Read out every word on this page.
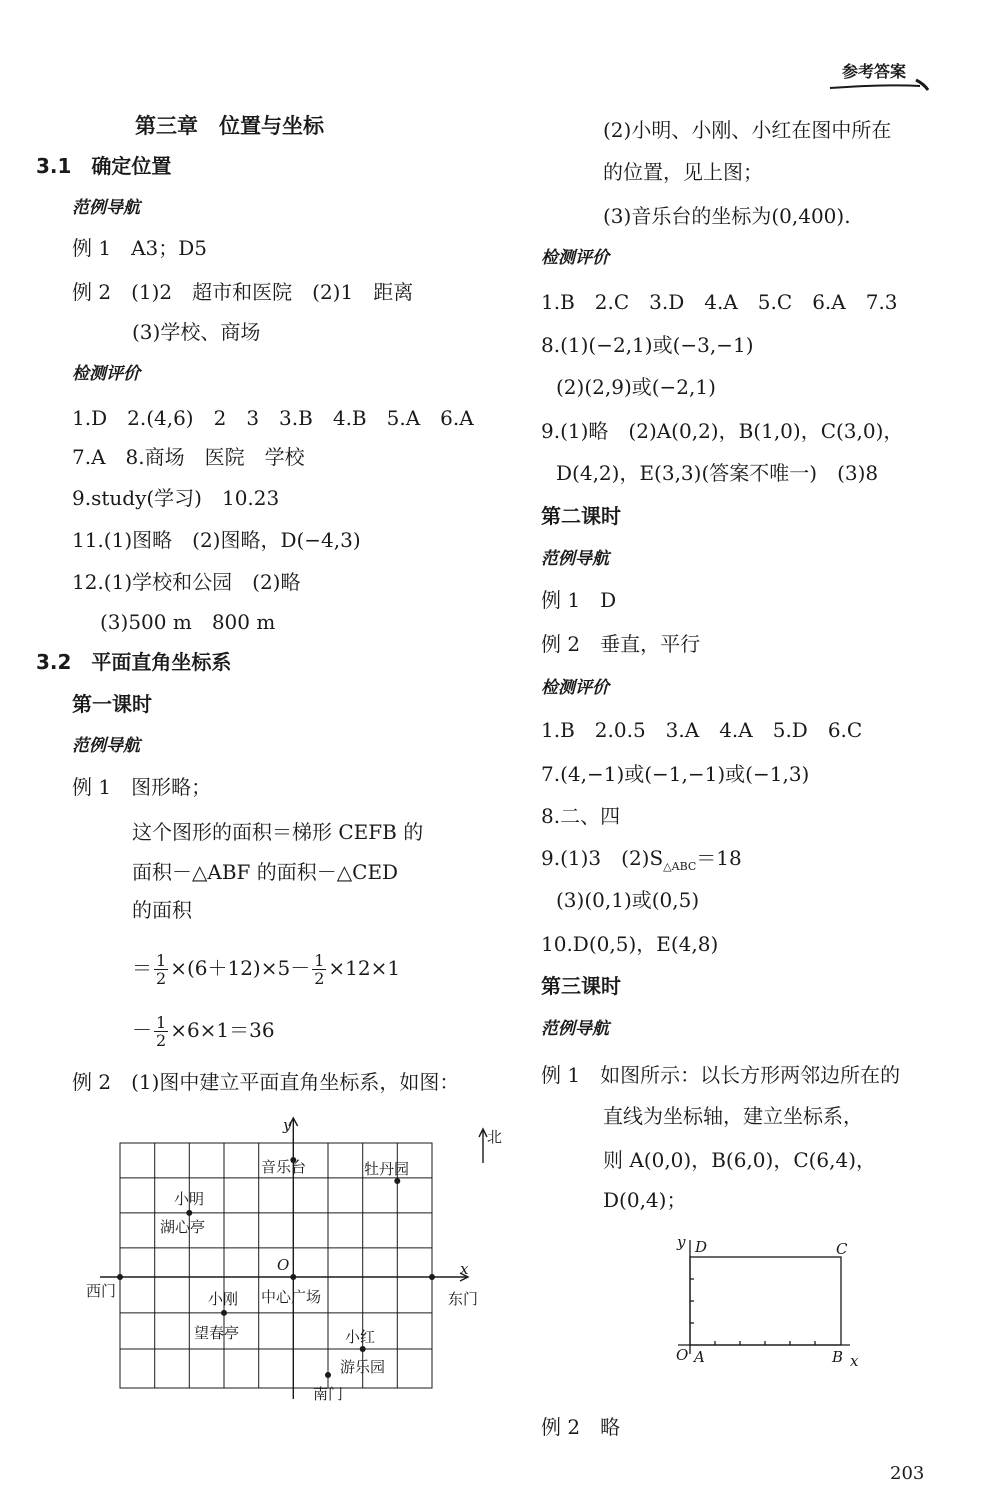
参考答案
第三章　位置与坐标
3.1　确定位置
范例导航
例 1　A3；D5
例 2　(1)2　超市和医院　(2)1　距离
(3)学校、商场
检测评价
1.D　2.(4,6)　2　3　3.B　4.B　5.A　6.A
7.A　8.商场　医院　学校
9.study(学习)　10.23
11.(1)图略　(2)图略，D(−4,3)
12.(1)学校和公园　(2)略
(3)500 m　800 m
3.2　平面直角坐标系
第一课时
范例导航
例 1　图形略；
这个图形的面积＝梯形 CEFB 的
面积－△ABF 的面积－△CED
的面积
＝ $\frac{1}{2} \times(6+12)\times 5- \frac{1}{2} \times 12\times 1$
－ $\frac{1}{2} \times 6\times 1=36$
例 2　(1)图中建立平面直角坐标系，如图：
y
x
O
北
音乐台	牡丹园
小明
湖心亭
西门	中心广场	东门
小刚
望春亭	小红
游乐园
南门
(2)小明、小刚、小红在图中所在
的位置，见上图；
(3)音乐台的坐标为(0,400).
检测评价
1.B　2.C　3.D　4.A　5.C　6.A　7.3
8.(1)(−2,1)或(−3,−1)
(2)(2,9)或(−2,1)
9.(1)略　(2)A(0,2)，B(1,0)，C(3,0)，
D(4,2)，E(3,3)(答案不唯一)　(3)8
第二课时
范例导航
例 1　D
例 2　垂直，平行
检测评价
1.B　2.0.5　3.A　4.A　5.D　6.C
7.(4,−1)或(−1,−1)或(−1,3)
8.二、四
9.(1)3　$(2)S_{\triangle ABC}=18$
(3)(0,1)或(0,5)
10.D(0,5)，E(4,8)
第三课时
范例导航
例 1　如图所示：以长方形两邻边所在的
直线为坐标轴，建立坐标系，
则 A(0,0)，B(6,0)，C(6,4)，
D(0,4)；
y D	C
O A	B x
例 2　略
203
